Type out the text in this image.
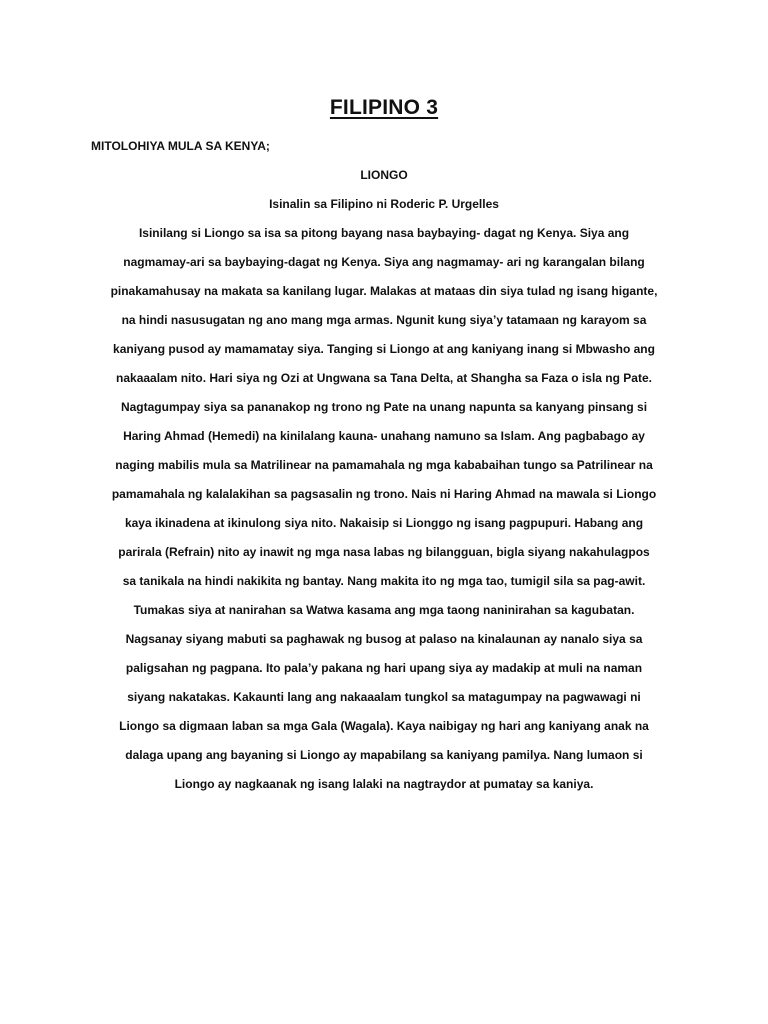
FILIPINO 3
MITOLOHIYA MULA SA KENYA;
LIONGO
Isinalin sa Filipino ni Roderic P. Urgelles

Isinilang si Liongo sa isa sa pitong bayang nasa baybaying- dagat ng Kenya. Siya ang nagmamay-ari sa baybaying-dagat ng Kenya. Siya ang nagmamay- ari ng karangalan bilang pinakamahusay na makata sa kanilang lugar. Malakas at mataas din siya tulad ng isang higante, na hindi nasusugatan ng ano mang mga armas. Ngunit kung siya’y tatamaan ng karayom sa kaniyang pusod ay mamamatay siya. Tanging si Liongo at ang kaniyang inang si Mbwasho ang nakaaalam nito. Hari siya ng Ozi at Ungwana sa Tana Delta, at Shangha sa Faza o isla ng Pate.

Nagtagumpay siya sa pananakop ng trono ng Pate na unang napunta sa kanyang pinsang si Haring Ahmad (Hemedi) na kinilalang kauna- unahang namuno sa Islam. Ang pagbabago ay naging mabilis mula sa Matrilinear na pamamahala ng mga kababaihan tungo sa Patrilinear na pamamahala ng kalalakihan sa pagsasalin ng trono. Nais ni Haring Ahmad na mawala si Liongo kaya ikinadena at ikinulong siya nito. Nakaisip si Lionggo ng isang pagpupuri. Habang ang parirala (Refrain) nito ay inawit ng mga nasa labas ng bilangguan, bigla siyang nakahulagpos sa tanikala na hindi nakikita ng bantay. Nang makita ito ng mga tao, tumigil sila sa pag-awit. Tumakas siya at nanirahan sa Watwa kasama ang mga taong naninirahan sa kagubatan. Nagsanay siyang mabuti sa paghawak ng busog at palaso na kinalaunan ay nanalo siya sa paligsahan ng pagpana. Ito pala’y pakana ng hari upang siya ay madakip at muli na naman siyang nakatakas. Kakaunti lang ang nakaaalam tungkol sa matagumpay na pagwawagi ni Liongo sa digmaan laban sa mga Gala (Wagala). Kaya naibigay ng hari ang kaniyang anak na dalaga upang ang bayaning si Liongo ay mapabilang sa kaniyang pamilya. Nang lumaon si Liongo ay nagkaanak ng isang lalaki na nagtraydor at pumatay sa kaniya.
